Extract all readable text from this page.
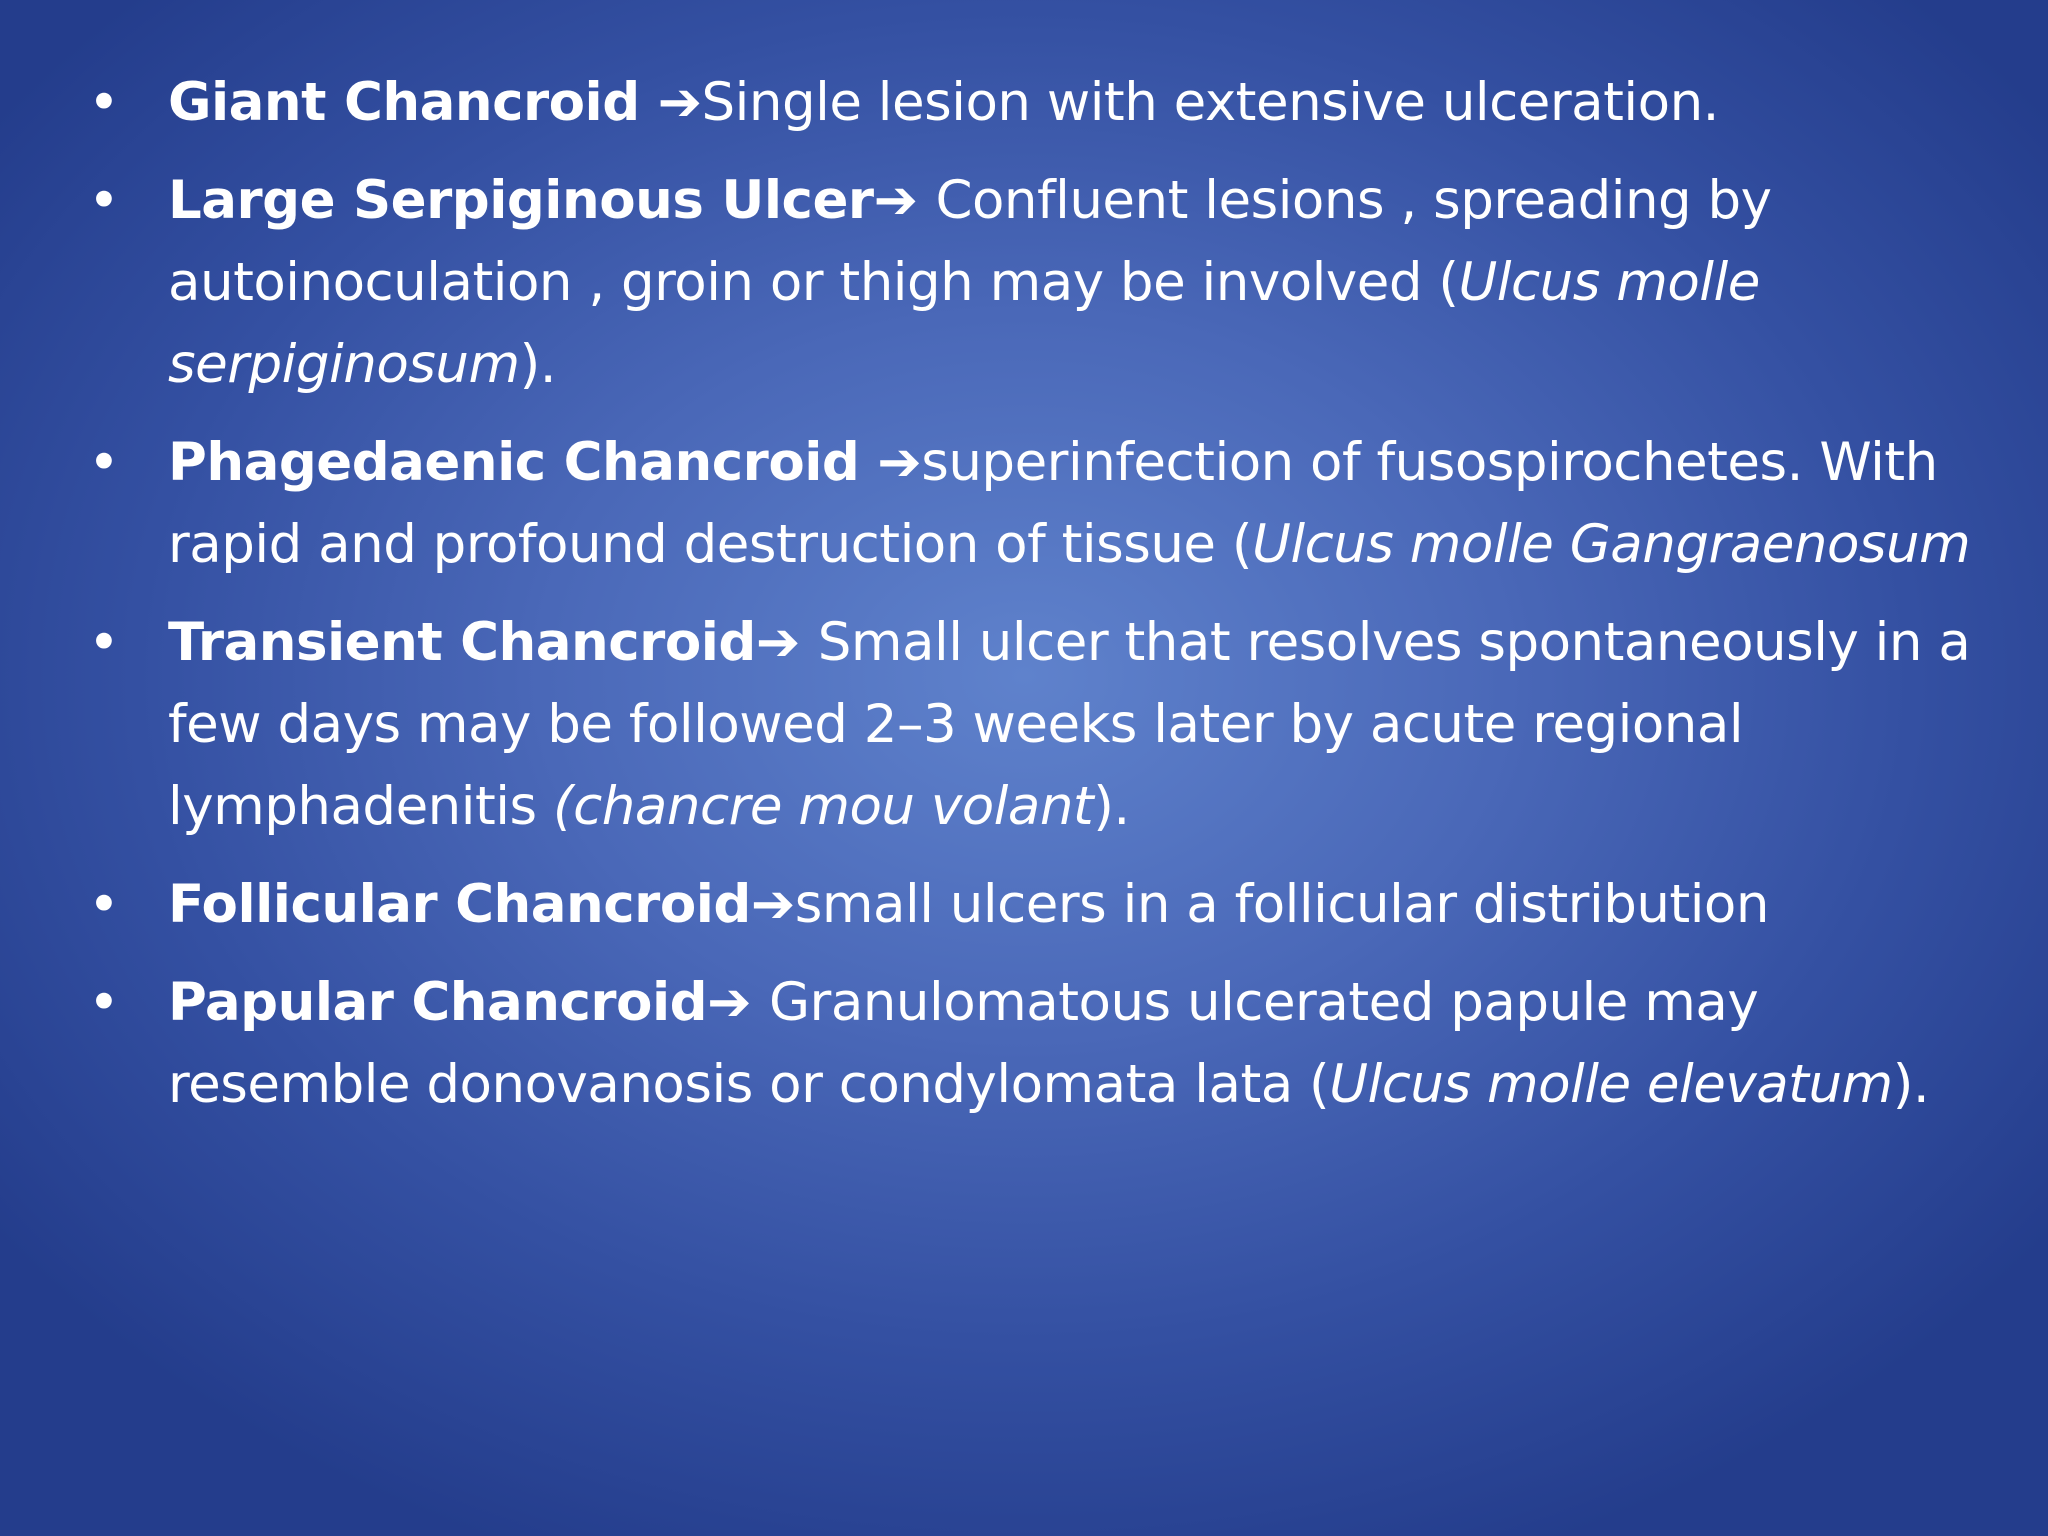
• Giant Chancroid ➔Single lesion with extensive ulceration.
• Large Serpiginous Ulcer➔ Confluent lesions , spreading by autoinoculation , groin or thigh may be involved (Ulcus molle serpiginosum).
• Phagedaenic Chancroid ➔superinfection of fusospirochetes. With rapid and profound destruction of tissue (Ulcus molle Gangraenosum
• Transient Chancroid➔ Small ulcer that resolves spontaneously in a few days may be followed 2–3 weeks later by acute regional lymphadenitis (chancre mou volant).
• Follicular Chancroid➔small ulcers in a follicular distribution
• Papular Chancroid➔ Granulomatous ulcerated papule may resemble donovanosis or condylomata lata (Ulcus molle elevatum).
